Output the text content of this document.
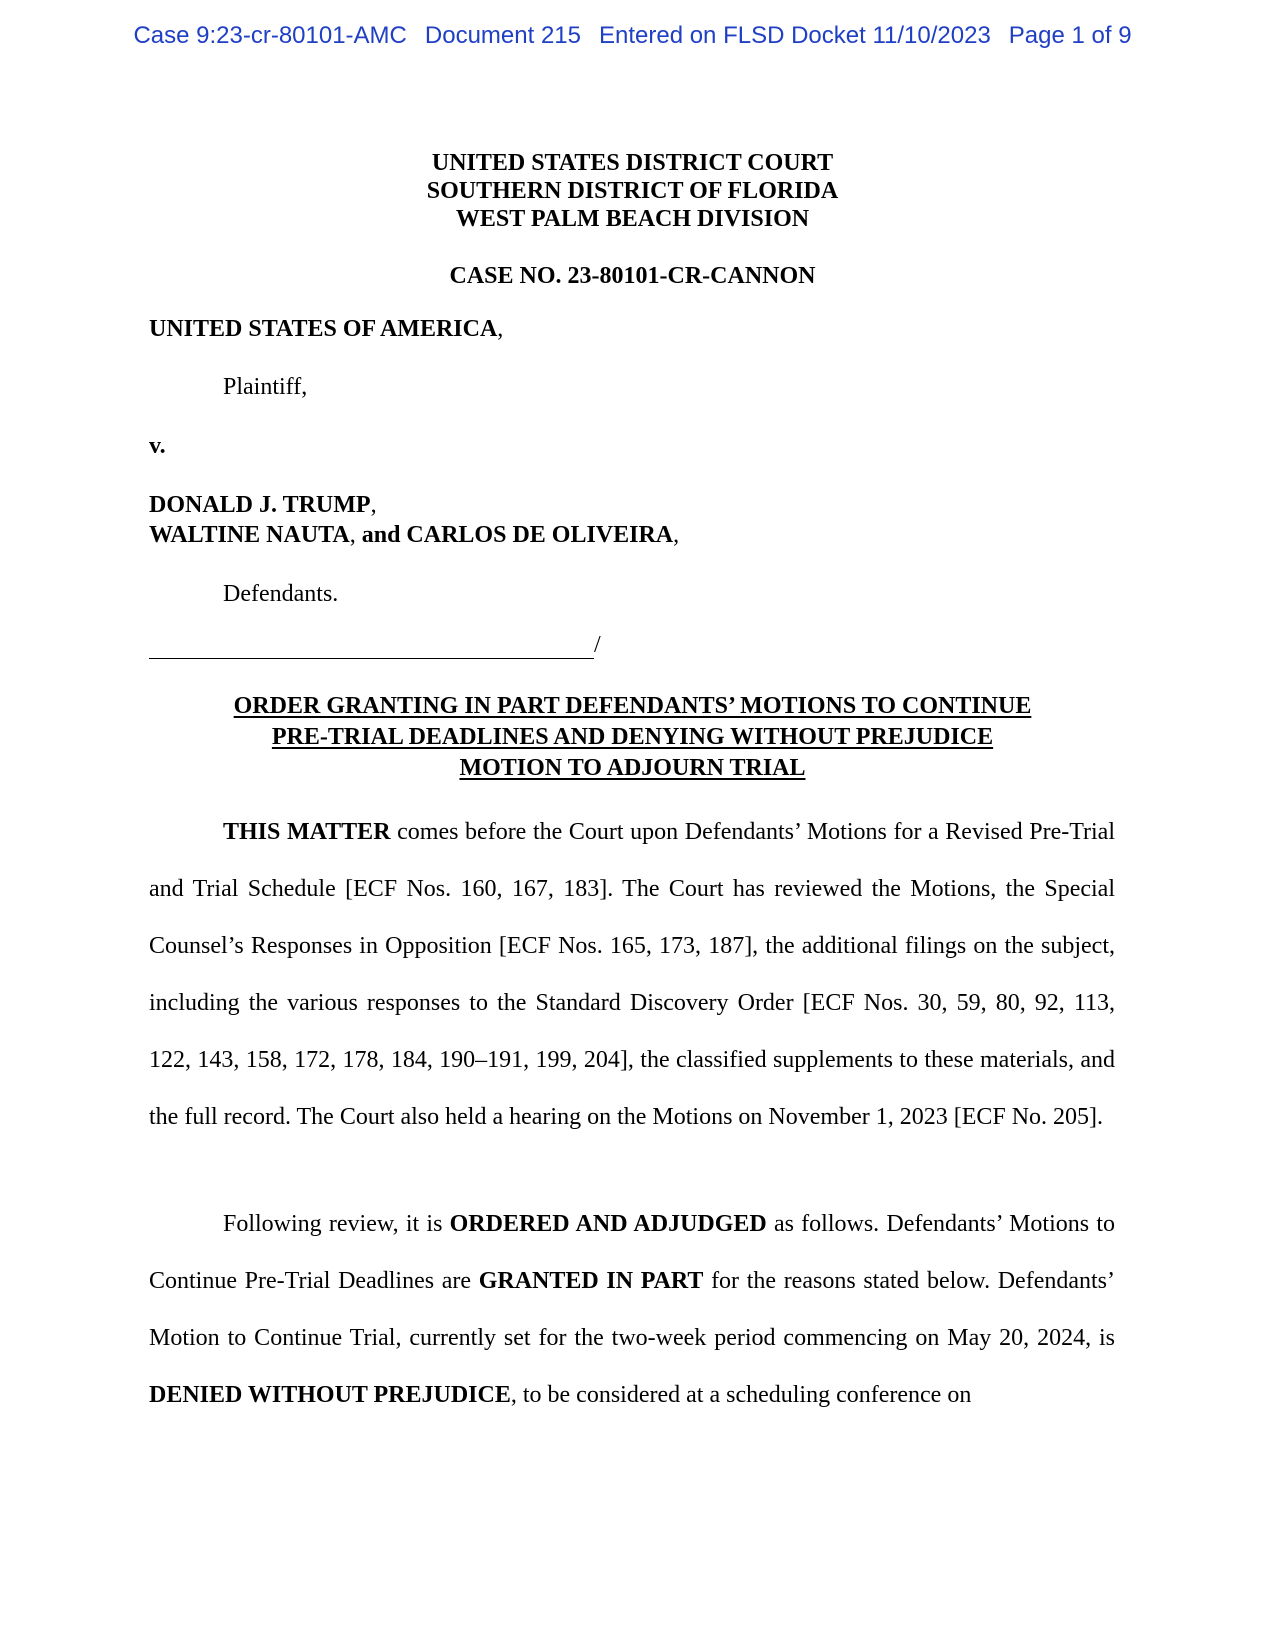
Case 9:23-cr-80101-AMC Document 215 Entered on FLSD Docket 11/10/2023 Page 1 of 9
UNITED STATES DISTRICT COURT
SOUTHERN DISTRICT OF FLORIDA
WEST PALM BEACH DIVISION
CASE NO. 23-80101-CR-CANNON
UNITED STATES OF AMERICA,
Plaintiff,
v.
DONALD J. TRUMP,
WALTINE NAUTA, and CARLOS DE OLIVEIRA,
Defendants.
/
ORDER GRANTING IN PART DEFENDANTS’ MOTIONS TO CONTINUE
PRE-TRIAL DEADLINES AND DENYING WITHOUT PREJUDICE
MOTION TO ADJOURN TRIAL

THIS MATTER comes before the Court upon Defendants’ Motions for a Revised Pre-Trial and Trial Schedule [ECF Nos. 160, 167, 183]. The Court has reviewed the Motions, the Special Counsel’s Responses in Opposition [ECF Nos. 165, 173, 187], the additional filings on the subject, including the various responses to the Standard Discovery Order [ECF Nos. 30, 59, 80, 92, 113, 122, 143, 158, 172, 178, 184, 190–191, 199, 204], the classified supplements to these materials, and the full record. The Court also held a hearing on the Motions on November 1, 2023 [ECF No. 205].

Following review, it is ORDERED AND ADJUDGED as follows. Defendants’ Motions to Continue Pre-Trial Deadlines are GRANTED IN PART for the reasons stated below. Defendants’ Motion to Continue Trial, currently set for the two-week period commencing on May 20, 2024, is DENIED WITHOUT PREJUDICE, to be considered at a scheduling conference on
